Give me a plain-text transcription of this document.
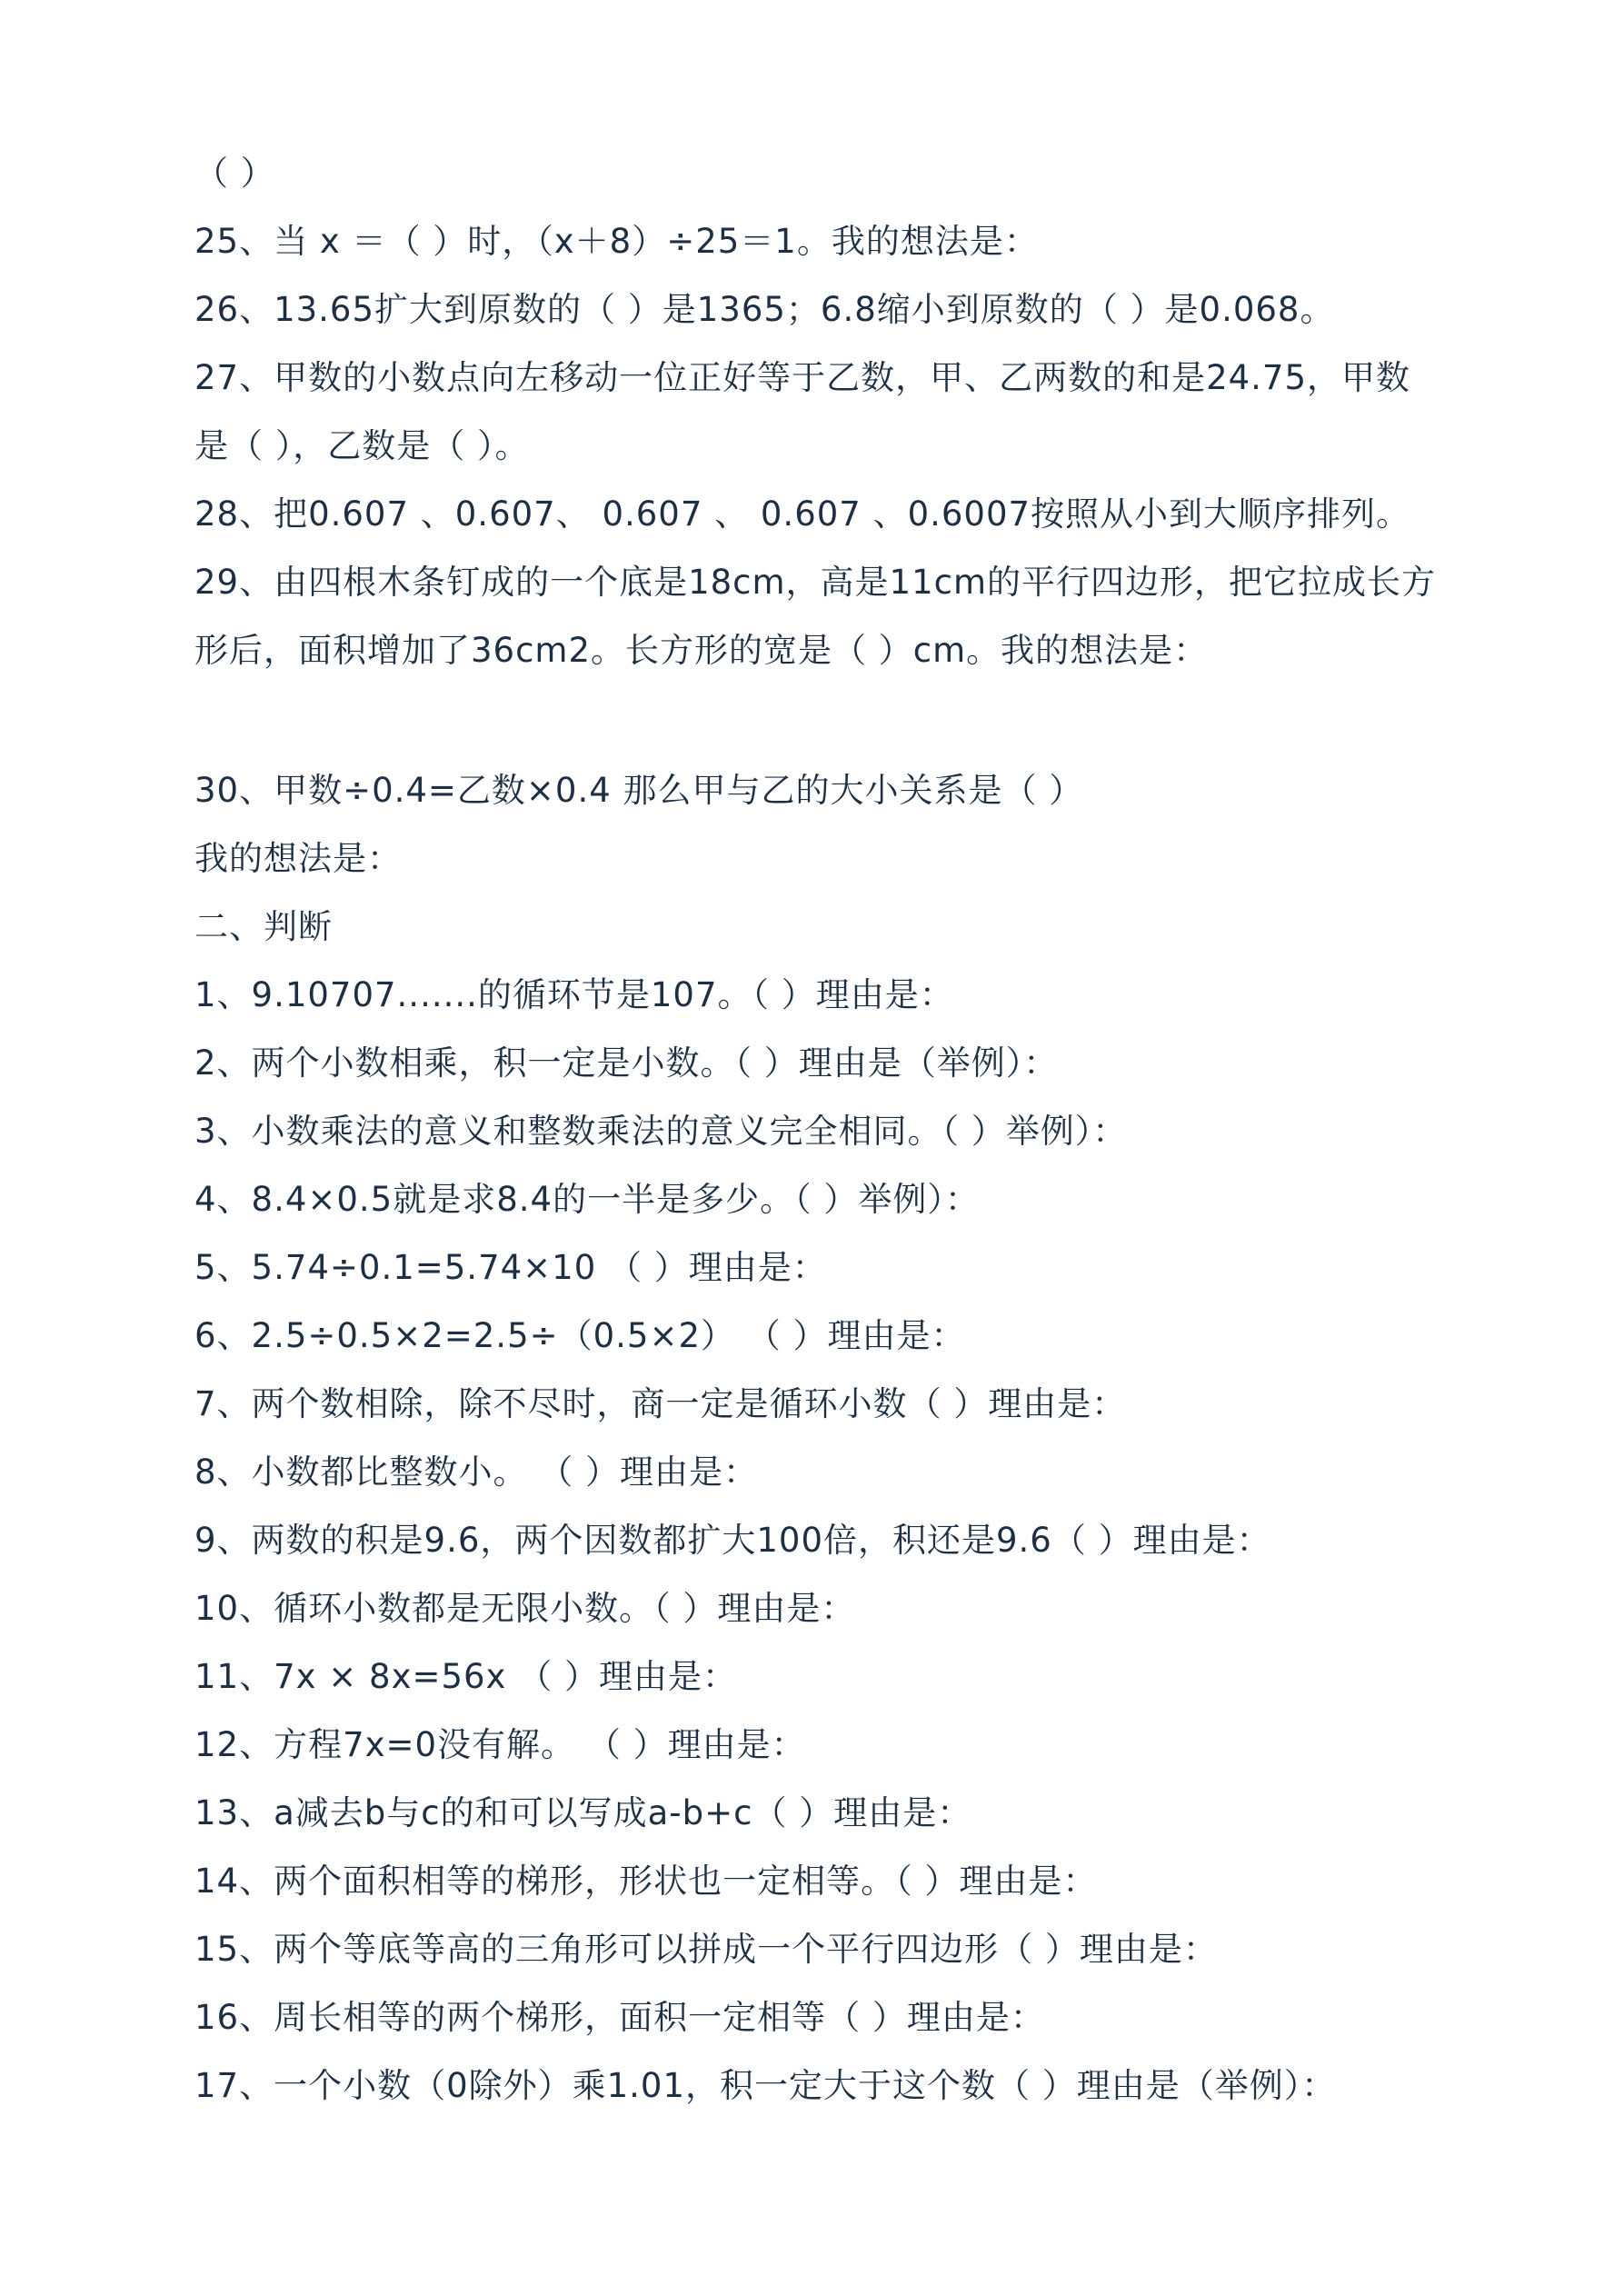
（ ）
25、当 x ＝（ ）时，（x＋8）÷25＝1。我的想法是：
26、13.65扩大到原数的（ ）是1365；6.8缩小到原数的（ ）是0.068。
27、甲数的小数点向左移动一位正好等于乙数，甲、乙两数的和是24.75，甲数
是（ ），乙数是（ ）。
28、把0.607 、0.607、 0.607 、 0.607 、0.6007按照从小到大顺序排列。
29、由四根木条钉成的一个底是18cm，高是11cm的平行四边形，把它拉成长方
形后，面积增加了36cm2。长方形的宽是（ ）cm。我的想法是：
30、甲数÷0.4=乙数×0.4 那么甲与乙的大小关系是（ ）
我的想法是：
二、判断
1、9.10707.......的循环节是107。（ ）理由是：
2、两个小数相乘，积一定是小数。（ ）理由是（举例）：
3、小数乘法的意义和整数乘法的意义完全相同。（ ）举例）：
4、8.4×0.5就是求8.4的一半是多少。（ ）举例）：
5、5.74÷0.1=5.74×10 （ ）理由是：
6、2.5÷0.5×2=2.5÷（0.5×2） （ ）理由是：
7、两个数相除，除不尽时，商一定是循环小数（ ）理由是：
8、小数都比整数小。 （ ）理由是：
9、两数的积是9.6，两个因数都扩大100倍，积还是9.6（ ）理由是：
10、循环小数都是无限小数。（ ）理由是：
11、7x × 8x=56x （ ）理由是：
12、方程7x=0没有解。 （ ）理由是：
13、a减去b与c的和可以写成a-b+c（ ）理由是：
14、两个面积相等的梯形，形状也一定相等。（ ）理由是：
15、两个等底等高的三角形可以拼成一个平行四边形（ ）理由是：
16、周长相等的两个梯形，面积一定相等（ ）理由是：
17、一个小数（0除外）乘1.01，积一定大于这个数（ ）理由是（举例）：
